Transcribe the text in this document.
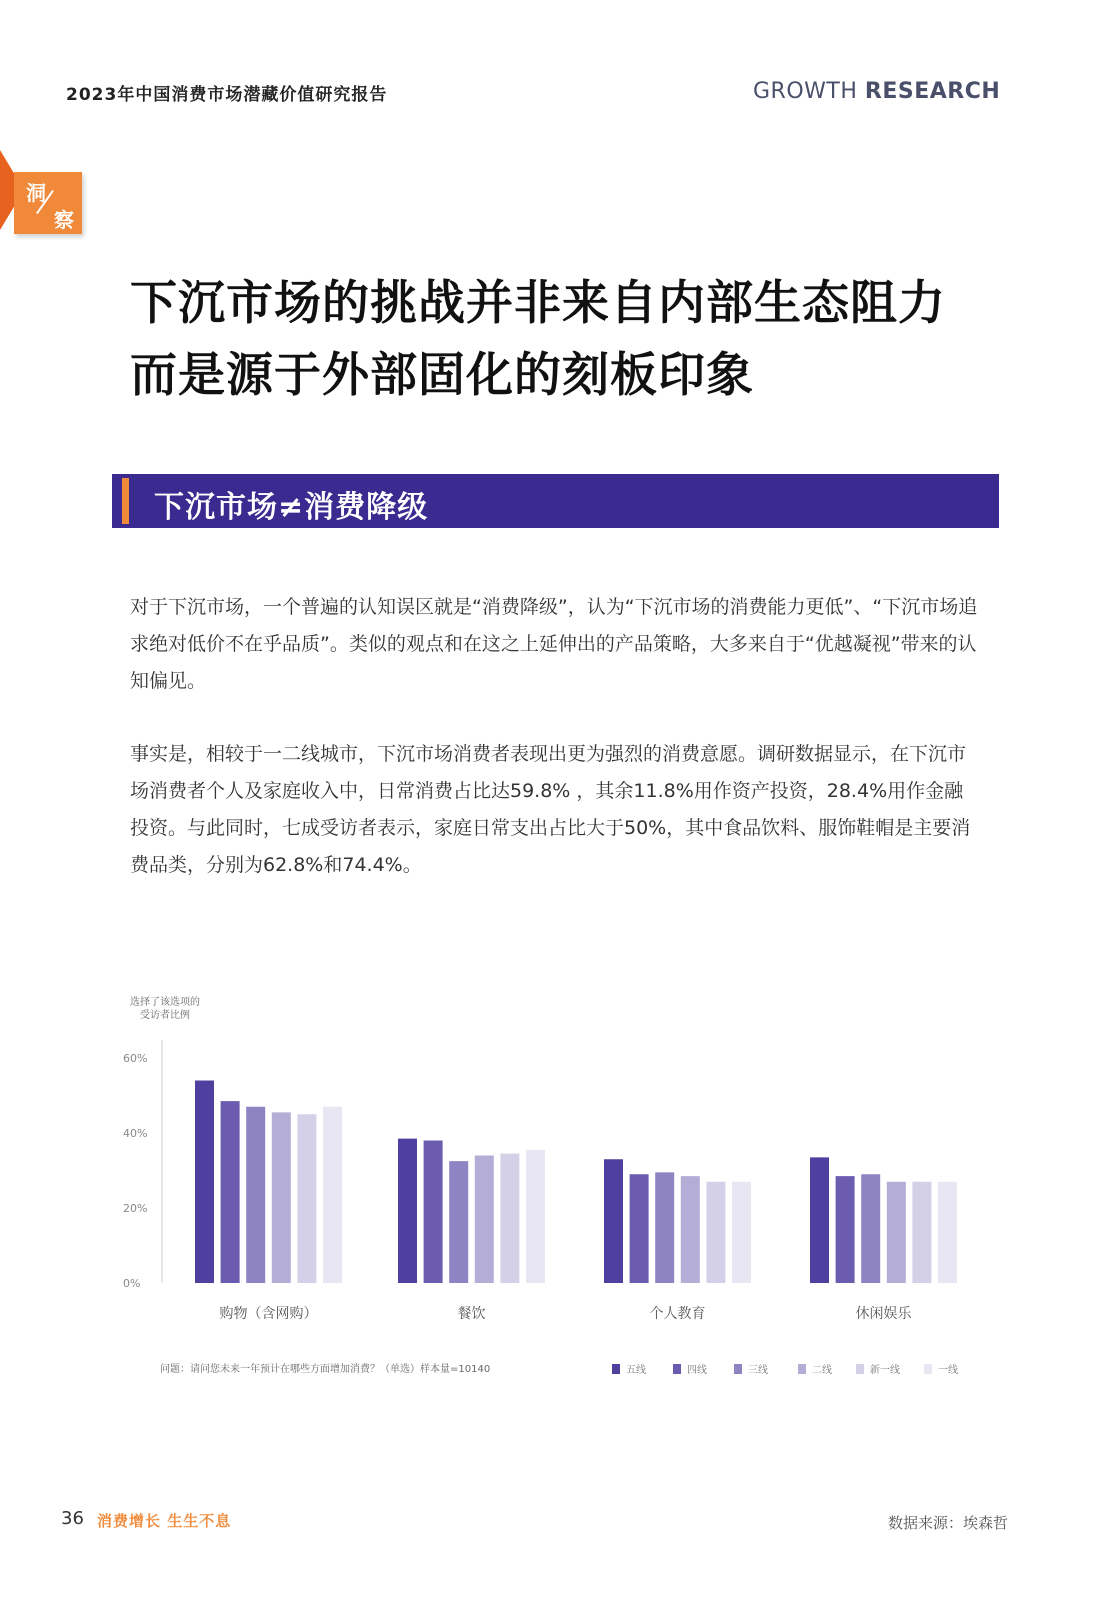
2023年中国消费市场潜藏价值研究报告	GROWTH RESEARCH
洞
察
下沉市场的挑战并非来自内部生态阻力
而是源于外部固化的刻板印象
下沉市场≠消费降级
对于下沉市场，一个普遍的认知误区就是“消费降级”，认为“下沉市场的消费能力更低”、“下沉市场追求绝对低价不在乎品质”。类似的观点和在这之上延伸出的产品策略，大多来自于“优越凝视”带来的认知偏见。
事实是，相较于一二线城市，下沉市场消费者表现出更为强烈的消费意愿。调研数据显示，在下沉市场消费者个人及家庭收入中，日常消费占比达59.8% ，其余11.8%用作资产投资，28.4%用作金融投资。与此同时，七成受访者表示，家庭日常支出占比大于50%，其中食品饮料、服饰鞋帽是主要消费品类，分别为62.8%和74.4%。
选择了该选项的
受访者比例
问题：请问您未来一年预计在哪些方面增加消费？（单选）样本量=10140
0%
20%
40%
60%
购物（含网购）	餐饮	个人教育	休闲娱乐
五线	四线	三线	二线	新一线	一线
36 消费增长 生生不息	数据来源：埃森哲
